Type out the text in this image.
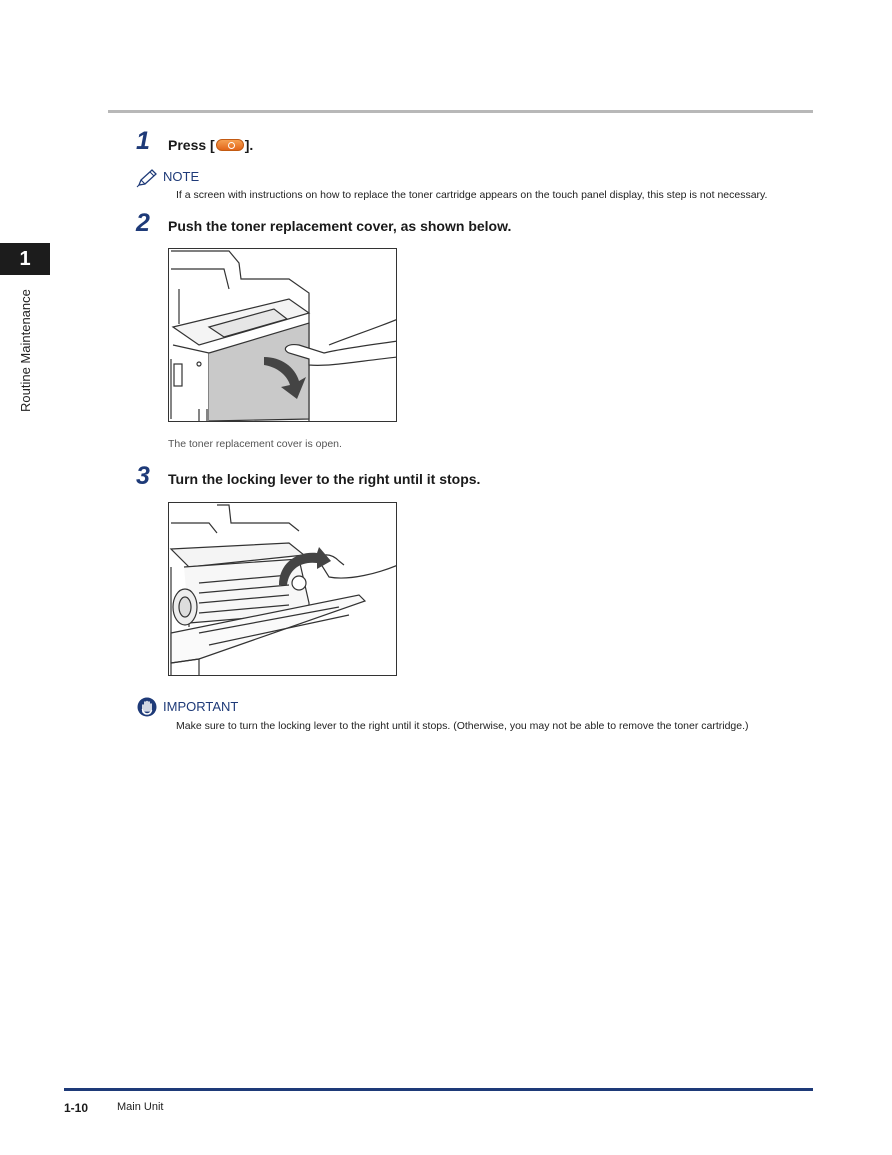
1
Routine Maintenance
1 Press [ ].
NOTE
If a screen with instructions on how to replace the toner cartridge appears on the touch panel display, this step is not necessary.
2 Push the toner replacement cover, as shown below.
The toner replacement cover is open.
3 Turn the locking lever to the right until it stops.
IMPORTANT
Make sure to turn the locking lever to the right until it stops. (Otherwise, you may not be able to remove the toner cartridge.)
1-10	Main Unit
